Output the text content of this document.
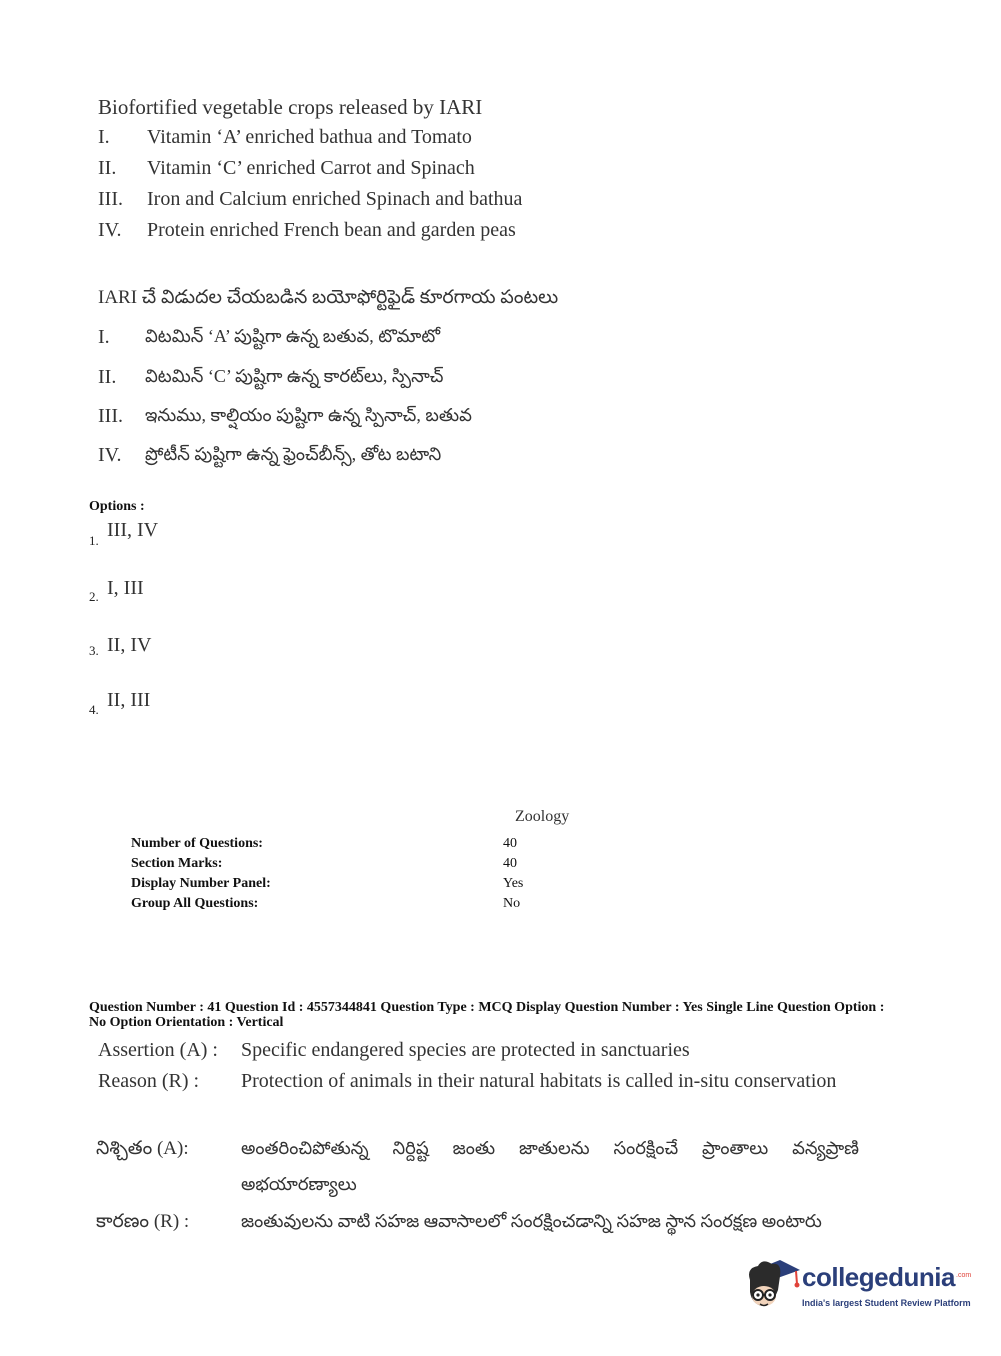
Biofortified vegetable crops released by IARI
I. Vitamin ‘A’ enriched bathua and Tomato
II. Vitamin ‘C’ enriched Carrot and Spinach
III. Iron and Calcium enriched Spinach and bathua
IV. Protein enriched French bean and garden peas
IARI చే విడుదల చేయబడిన బయోఫోర్టిఫైడ్ కూరగాయ పంటలు
I. విటమిన్ ‘A’ పుష్టిగా ఉన్న బతువ, టొమాటో
II. విటమిన్ ‘C’ పుష్టిగా ఉన్న కారట్‌లు, స్పినాచ్
III. ఇనుము, కాల్షియం పుష్టిగా ఉన్న స్పినాచ్, బతువ
IV. ప్రోటీన్ పుష్టిగా ఉన్న ఫ్రెంచ్‌బీన్స్, తోట బటాని
Options :
1. III, IV
2. I, III
3. II, IV
4. II, III
Zoology
Number of Questions:	40
Section Marks:	40
Display Number Panel:	Yes
Group All Questions:	No
Question Number : 41 Question Id : 4557344841 Question Type : MCQ Display Question Number : Yes Single Line Question Option : No Option Orientation : Vertical
Assertion (A) : Specific endangered species are protected in sanctuaries
Reason (R) : Protection of animals in their natural habitats is called in-situ conservation
నిశ్చితం (A):	అంతరించిపోతున్న నిర్దిష్ట జంతు జాతులను సంరక్షించే ప్రాంతాలు వన్యప్రాణి
అభయారణ్యాలు
కారణం (R) :	జంతువులను వాటి సహజ ఆవాసాలలో సంరక్షించడాన్ని సహజ స్థాన సంరక్షణ అంటారు
collegedunia .com
India's largest Student Review Platform
